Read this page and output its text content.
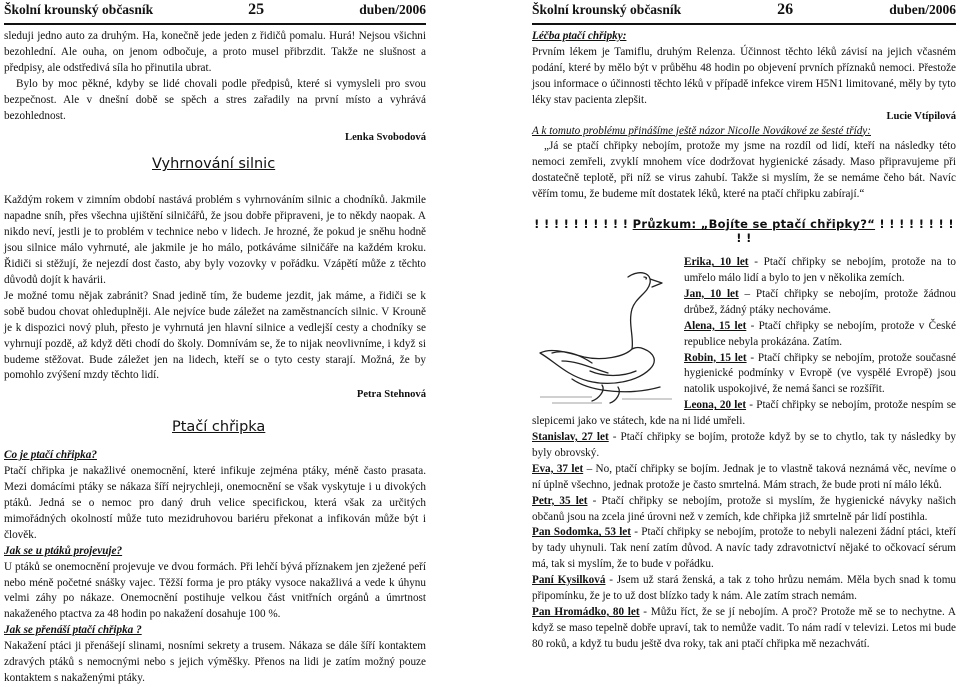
Školní krounský občasník	25	duben/2006

sleduji jedno auto za druhým. Ha, konečně jede jeden z řidičů pomalu. Hurá! Nejsou všichni bezohlední. Ale ouha, on jenom odbočuje, a proto musel přibrzdit. Takže ne slušnost a předpisy, ale odstředivá síla ho přinutila ubrat.

Bylo by moc pěkné, kdyby se lidé chovali podle předpisů, které si vymysleli pro svou bezpečnost. Ale v dnešní době se spěch a stres zařadily na první místo a vyhrává bezohlednost.

Lenka Svobodová
Vyhrnování silnic

Každým rokem v zimním období nastává problém s vyhrnováním silnic a chodníků. Jakmile napadne sníh, přes všechna ujištění silničářů, že jsou dobře připraveni, je to někdy naopak. A nikdo neví, jestli je to problém v technice nebo v lidech. Je hrozné, že pokud je sněhu hodně jsou silnice málo vyhrnuté, ale jakmile je ho málo, potkáváme silničáře na každém kroku. Řidiči si stěžují, že nejezdí dost často, aby byly vozovky v pořádku. Vzápětí může z těchto důvodů dojít k havárii.

Je možné tomu nějak zabránit? Snad jedině tím, že budeme jezdit, jak máme, a řidiči se k sobě budou chovat ohleduplněji. Ale nejvíce bude záležet na zaměstnancích silnic. V Krouně je k dispozici nový pluh, přesto je vyhrnutá jen hlavní silnice a vedlejší cesty a chodníky se vyhrnují pozdě, až když děti chodí do školy. Domnívám se, že to nijak neovlivníme, i když si budeme stěžovat. Bude záležet jen na lidech, kteří se o tyto cesty starají. Možná, že by pomohlo zvýšení mzdy těchto lidí.

Petra Stehnová
Ptačí chřipka

Co je ptačí chřipka?

Ptačí chřipka je nakažlivé onemocnění, které infikuje zejména ptáky, méně často prasata. Mezi domácími ptáky se nákaza šíří nejrychleji, onemocnění se však vyskytuje i u divokých ptáků. Jedná se o nemoc pro daný druh velice specifickou, která však za určitých mimořádných okolností může tuto mezidruhovou bariéru překonat a infikován může být i člověk.

Jak se u ptáků projevuje?

U ptáků se onemocnění projevuje ve dvou formách. Při lehčí bývá příznakem jen zježené peří nebo méně početné snášky vajec. Těžší forma je pro ptáky vysoce nakažlivá a vede k úhynu velmi záhy po nákaze. Onemocnění postihuje velkou část vnitřních orgánů a úmrtnost nakaženého ptactva za 48 hodin po nakažení dosahuje 100 %.

Jak se přenáší ptačí chřipka ?

Nakažení ptáci ji přenášejí slinami, nosními sekrety a trusem. Nákaza se dále šíří kontaktem zdravých ptáků s nemocnými nebo s jejich výměšky. Přenos na lidi je zatím možný pouze kontaktem s nakaženými ptáky.

Školní krounský občasník	26	duben/2006

Léčba ptačí chřipky:

Prvním lékem je Tamiflu, druhým Relenza. Účinnost těchto léků závisí na jejich včasném podání, které by mělo být v průběhu 48 hodin po objevení prvních příznaků nemoci. Přestože jsou informace o účinnosti těchto léků v případě infekce virem H5N1 limitované, měly by tyto léky stav pacienta zlepšit.

Lucie Vtípilová

A k tomuto problému přinášíme ještě názor Nicolle Novákové ze šesté třídy:

„Já se ptačí chřipky nebojím, protože my jsme na rozdíl od lidí, kteří na následky této nemoci zemřeli, zvyklí mnohem více dodržovat hygienické zásady. Maso připravujeme při dostatečně teplotě, při níž se virus zahubí. Takže si myslím, že se nemáme čeho bát. Navíc věřím tomu, že budeme mít dostatek léků, které na ptačí chřipku zabírají.“

! ! ! ! ! ! ! ! ! ! Průzkum: „Bojíte se ptačí chřipky?“ ! ! ! ! ! ! ! ! ! !

Erika, 10 let - Ptačí chřipky se nebojím, protože na to umřelo málo lidí a bylo to jen v několika zemích.

Jan, 10 let – Ptačí chřipky se nebojím, protože žádnou drůbež, žádný ptáky nechováme.

Alena, 15 let - Ptačí chřipky se nebojím, protože v České republice nebyla prokázána. Zatím.

Robin, 15 let - Ptačí chřipky se nebojím, protože současné hygienické podmínky v Evropě (ve vyspělé Evropě) jsou natolik uspokojivé, že nemá šanci se rozšířit.

Leona, 20 let - Ptačí chřipky se nebojím, protože nespím se slepicemi jako ve státech, kde na ni lidé umřeli.

Stanislav, 27 let - Ptačí chřipky se bojím, protože když by se to chytlo, tak ty následky by byly obrovský.

Eva, 37 let – No, ptačí chřipky se bojím. Jednak je to vlastně taková neznámá věc, nevíme o ní úplně všechno, jednak protože je často smrtelná. Mám strach, že bude proti ní málo léků.

Petr, 35 let - Ptačí chřipky se nebojím, protože si myslím, že hygienické návyky našich občanů jsou na zcela jiné úrovni než v zemích, kde chřipka již smrtelně pár lidí postihla.

Pan Sodomka, 53 let - Ptačí chřipky se nebojím, protože to nebyli nalezeni žádní ptáci, kteří by tady uhynuli. Tak není zatím důvod. A navíc tady zdravotnictví nějaké to očkovací sérum má, tak si myslím, že to bude v pořádku.

Paní Kysilková - Jsem už stará ženská, a tak z toho hrůzu nemám. Měla bych snad k tomu připomínku, že je to už dost blízko tady k nám. Ale zatím strach nemám.

Pan Hromádko, 80 let - Můžu říct, že se jí nebojím. A proč? Protože mě se to nechytne. A když se maso tepelně dobře upraví, tak to nemůže vadit. To nám radí v televizi. Letos mi bude 80 roků, a když tu budu ještě dva roky, tak ani ptačí chřipka mě nezachvátí.
